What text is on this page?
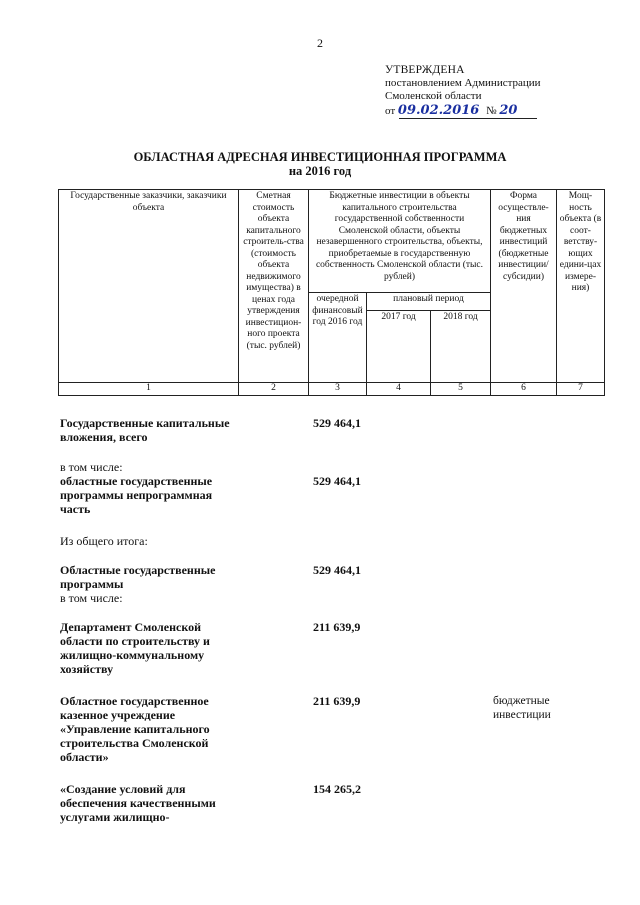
2
УТВЕРЖДЕНА
постановлением Администрации
Смоленской области
от 09.02.2016 № 20
ОБЛАСТНАЯ АДРЕСНАЯ ИНВЕСТИЦИОННАЯ ПРОГРАММА
на 2016 год
Государственные заказчики, заказчики объекта	Сметная стоимость объекта капитального строитель-ства (стоимость объекта недвижимого имущества) в ценах года утверждения инвестицион-ного проекта (тыс. рублей)	Бюджетные инвестиции в объекты капитального строительства государственной собственности Смоленской области, объекты незавершенного строительства, объекты, приобретаемые в государственную собственность Смоленской области (тыс. рублей)			Форма осуществле-ния бюджетных инвестиций (бюджетные инвестиции/ субсидии)	Мощ-ность объекта (в соот-ветству-ющих едини-цах измере-ния)
		очередной финансовый год 2016 год	плановый период			
			2017 год	2018 год		
1	2	3	4	5	6	7
Государственные капитальные вложения, всего
529 464,1
в том числе:
областные государственные программы непрограммная часть
529 464,1
Из общего итога:
Областные государственные программы
529 464,1
в том числе:
Департамент Смоленской области по строительству и жилищно-коммунальному хозяйству
211 639,9
Областное государственное казенное учреждение «Управление капитального строительства Смоленской области»
211 639,9	бюджетные инвестиции
«Создание условий для обеспечения качественными услугами жилищно-
154 265,2
